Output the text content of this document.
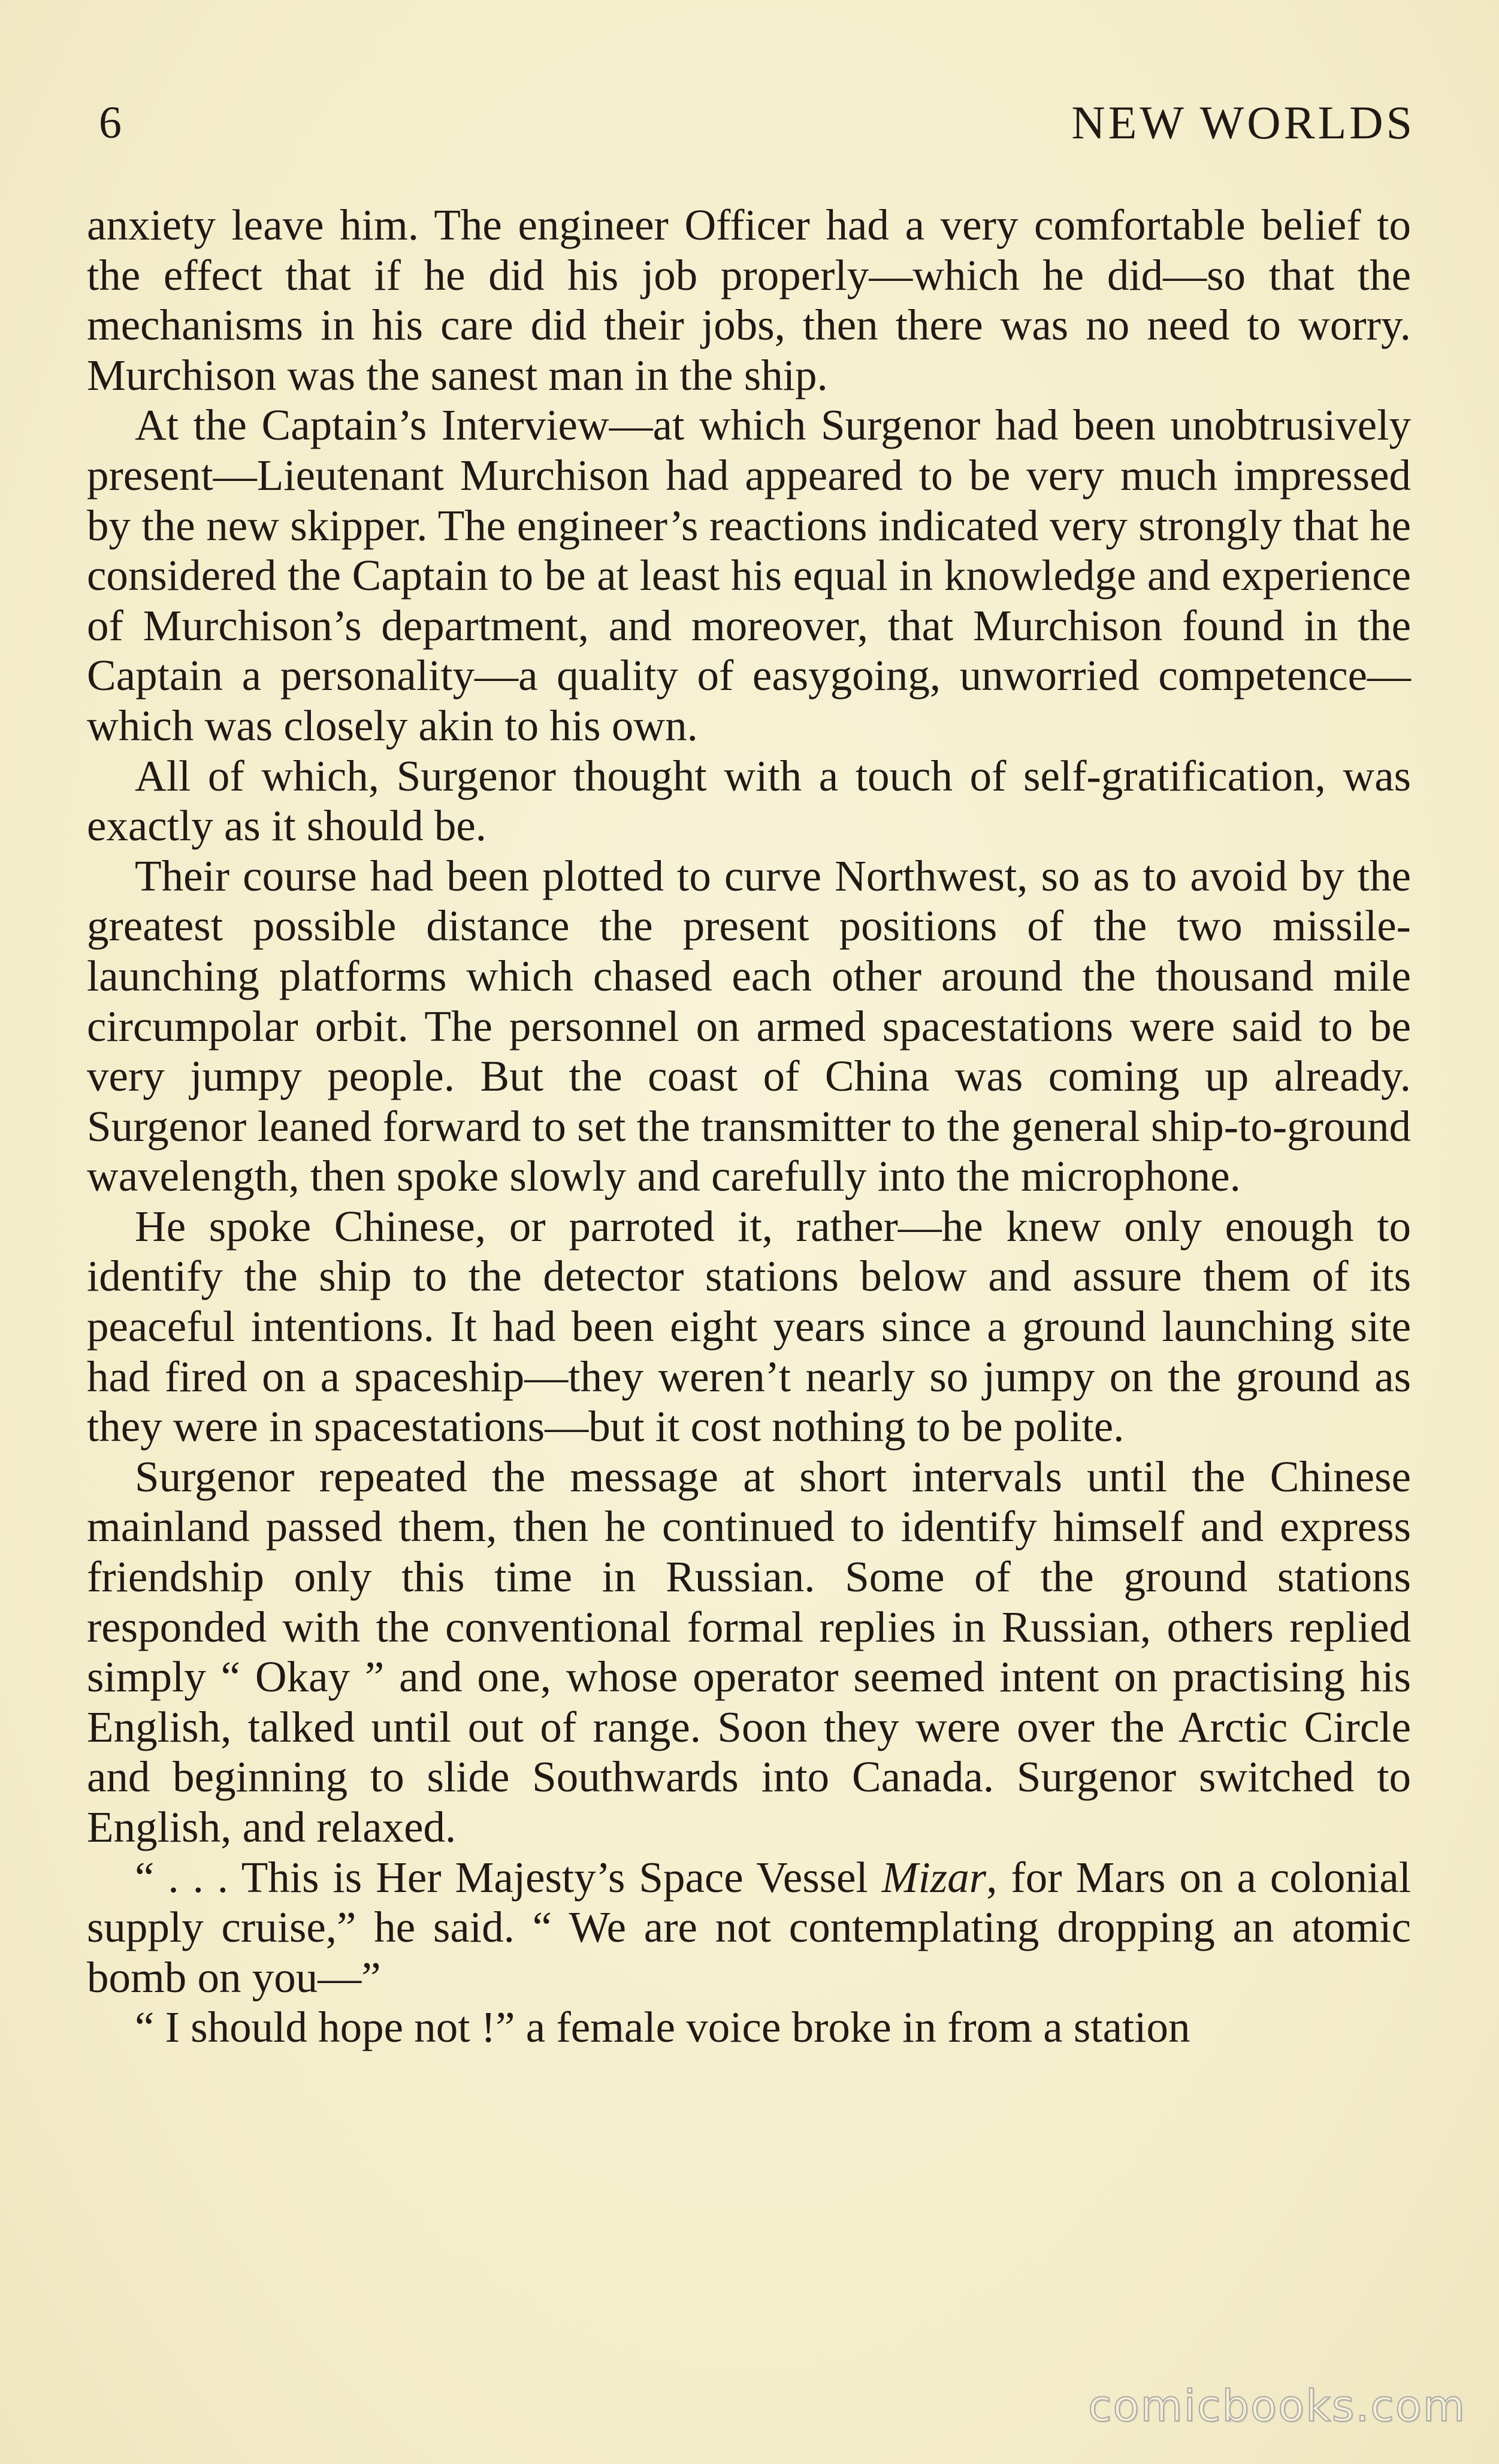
6	NEW WORLDS

anxiety leave him. The engineer Officer had a very comfortable belief to the effect that if he did his job properly—which he did—so that the mechanisms in his care did their jobs, then there was no need to worry. Murchison was the sanest man in the ship.

At the Captain’s Interview—at which Surgenor had been unobtrusively present—Lieutenant Murchison had appeared to be very much impressed by the new skipper. The engineer’s reactions indicated very strongly that he considered the Captain to be at least his equal in knowledge and experience of Murchison’s department, and moreover, that Murchison found in the Captain a personality—a quality of easygoing, unworried competence—which was closely akin to his own.

All of which, Surgenor thought with a touch of self-gratification, was exactly as it should be.

Their course had been plotted to curve Northwest, so as to avoid by the greatest possible distance the present positions of the two missile-launching platforms which chased each other around the thousand mile circumpolar orbit. The personnel on armed spacestations were said to be very jumpy people. But the coast of China was coming up already. Surgenor leaned forward to set the transmitter to the general ship-to-ground wavelength, then spoke slowly and carefully into the microphone.

He spoke Chinese, or parroted it, rather—he knew only enough to identify the ship to the detector stations below and assure them of its peaceful intentions. It had been eight years since a ground launching site had fired on a spaceship—they weren’t nearly so jumpy on the ground as they were in spacestations—but it cost nothing to be polite.

Surgenor repeated the message at short intervals until the Chinese mainland passed them, then he continued to identify himself and express friendship only this time in Russian. Some of the ground stations responded with the conventional formal replies in Russian, others replied simply “ Okay ” and one, whose operator seemed intent on practising his English, talked until out of range. Soon they were over the Arctic Circle and beginning to slide Southwards into Canada. Surgenor switched to English, and relaxed.

“ . . . This is Her Majesty’s Space Vessel Mizar, for Mars on a colonial supply cruise,” he said. “ We are not contemplating dropping an atomic bomb on you—”

“ I should hope not !” a female voice broke in from a station

comicbooks.com
